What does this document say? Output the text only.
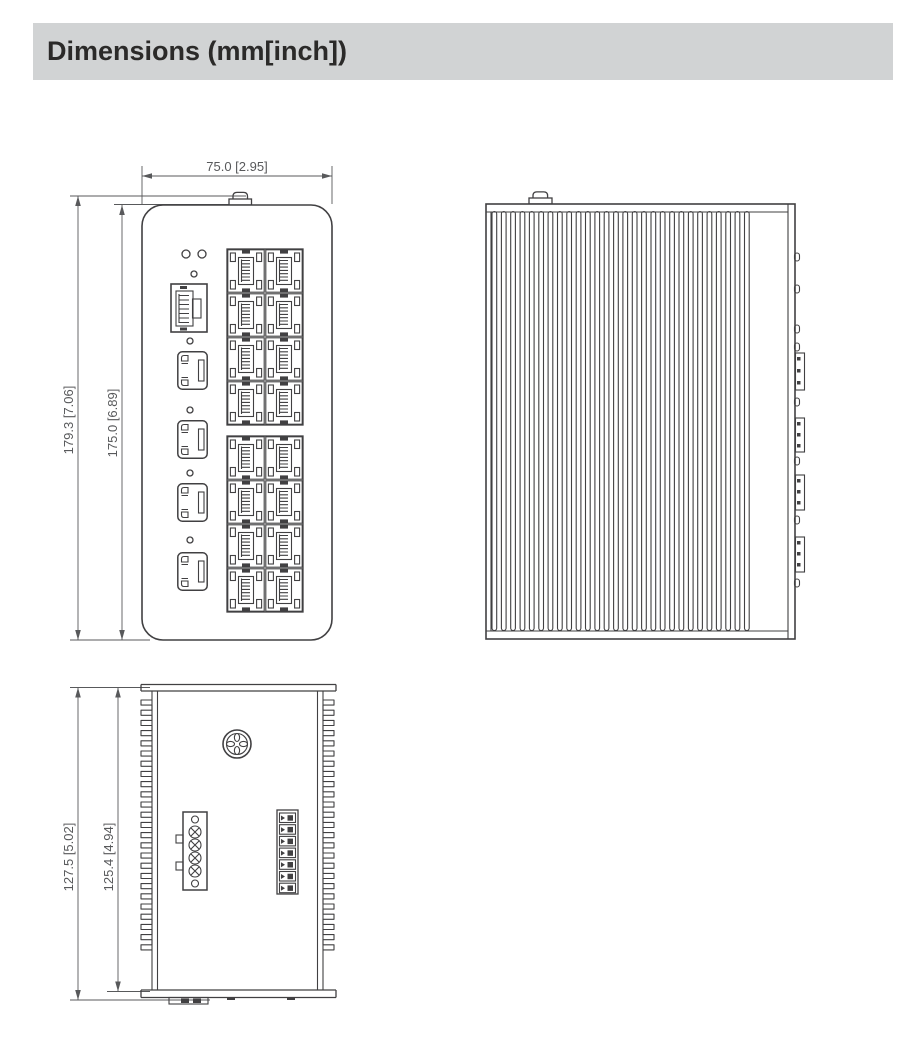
Dimensions (mm[inch])
75.0 [2.95]
179.3 [7.06] 175.0 [6.89]
127.5 [5.02] 125.4 [4.94]
